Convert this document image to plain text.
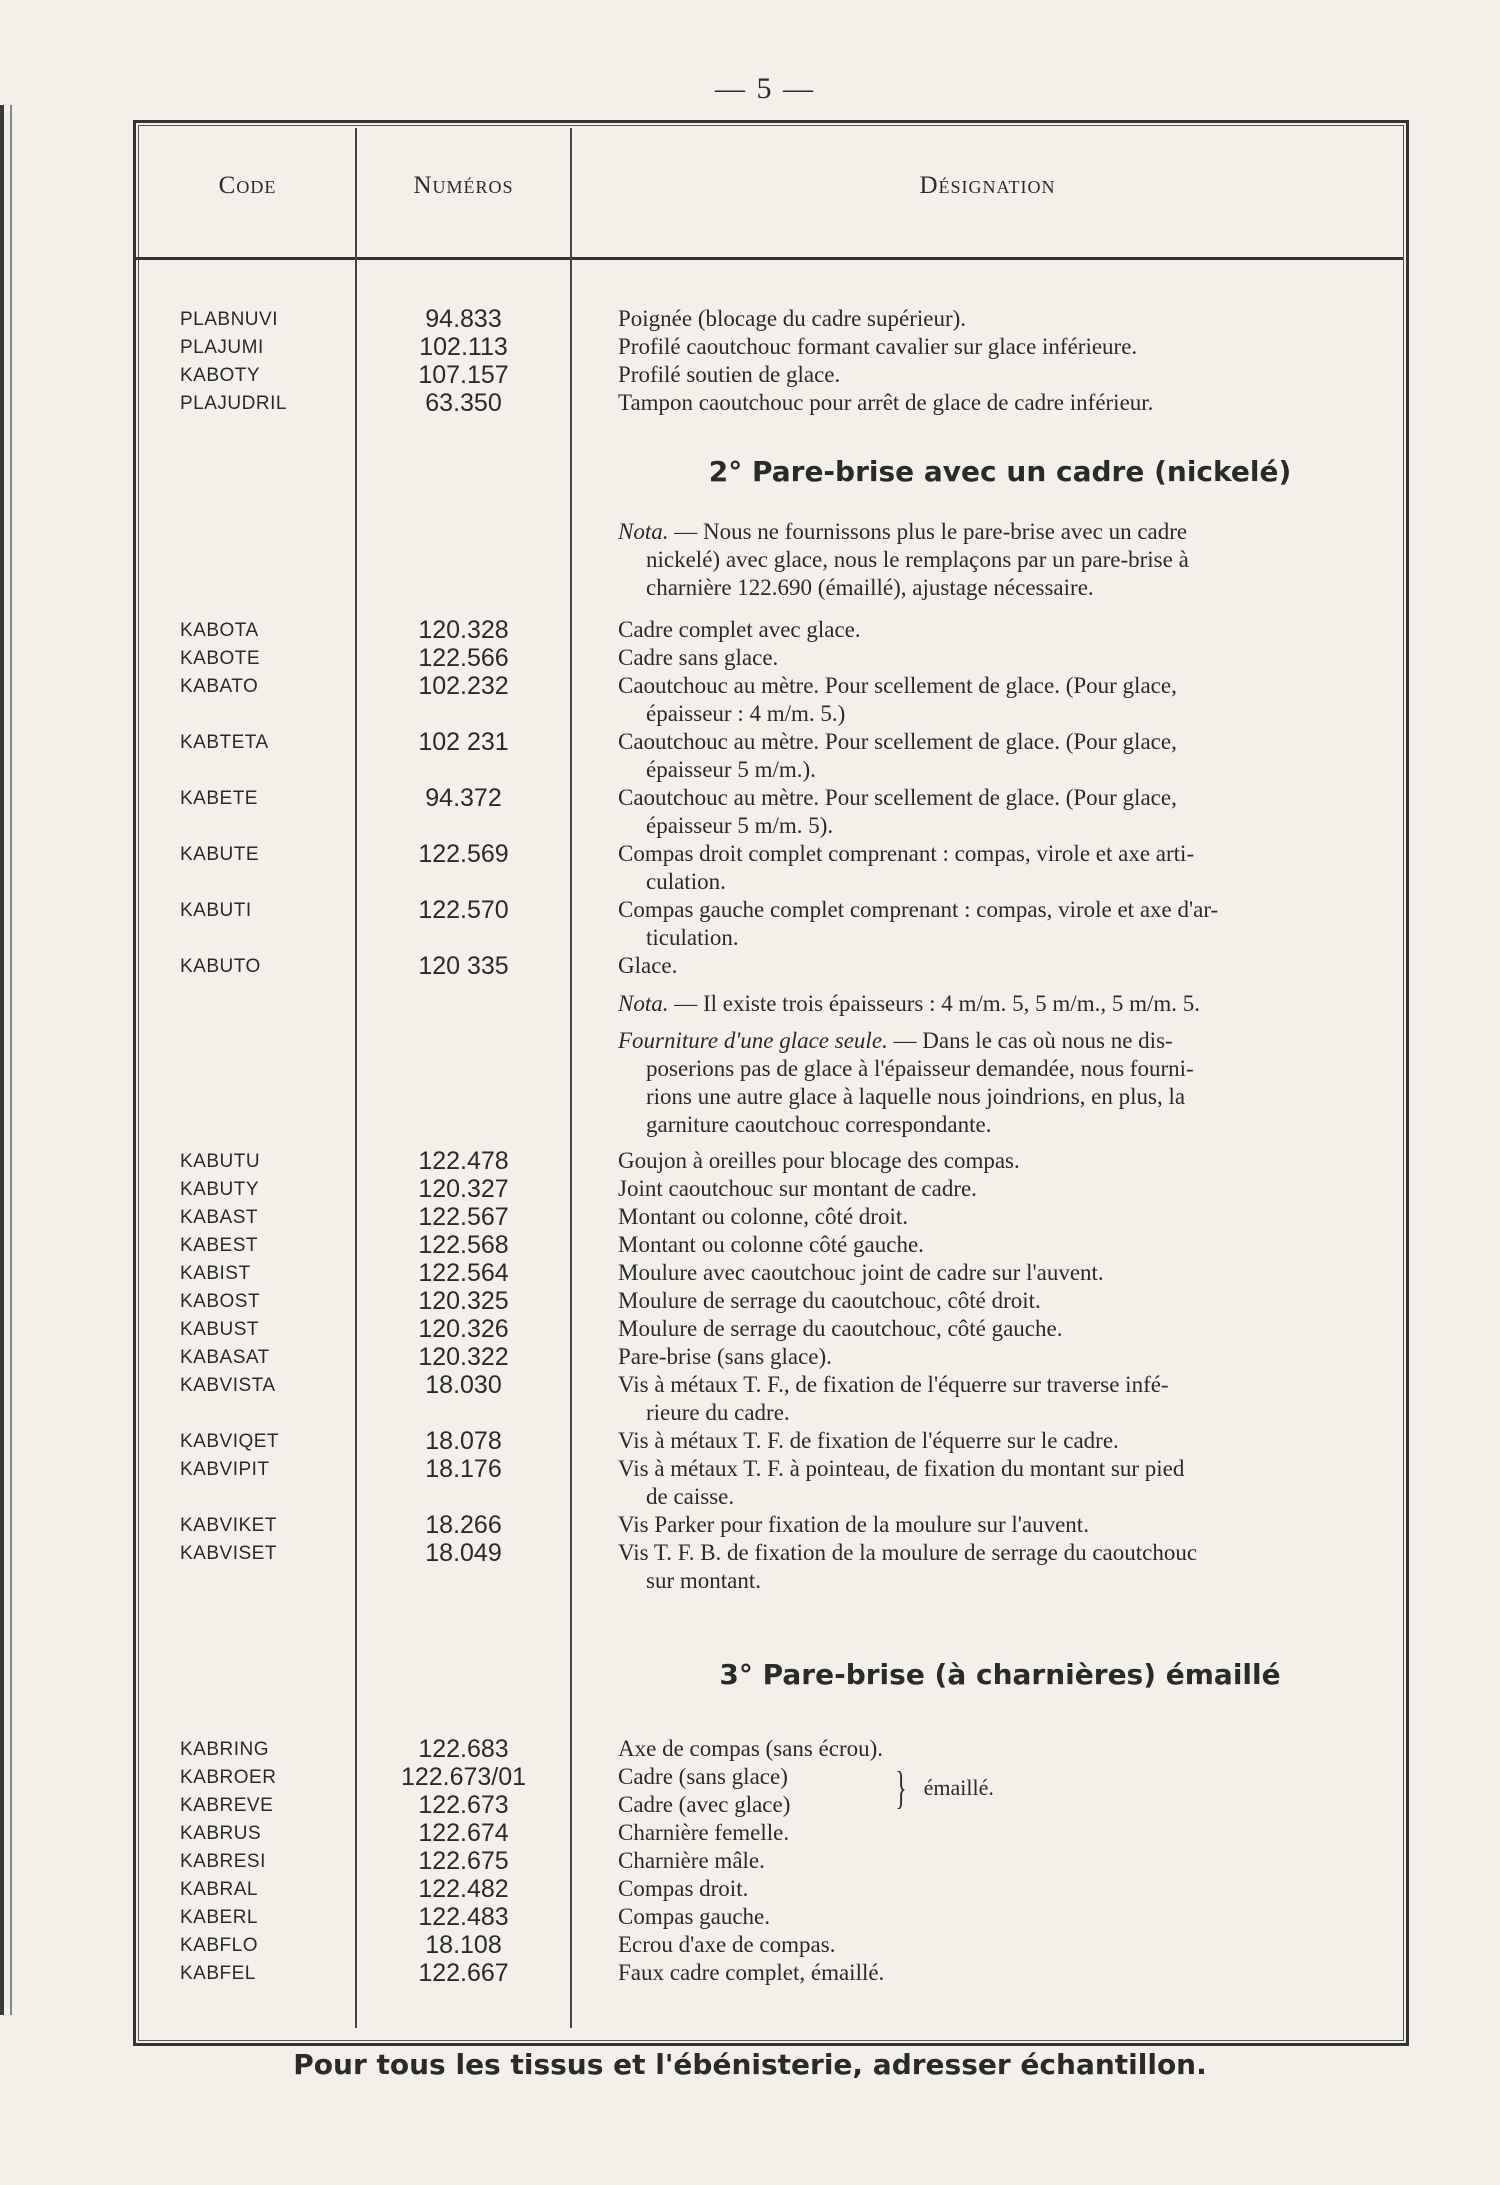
— 5 —
Code	Numéros	Désignation
PLABNUVI	94.833	Poignée (blocage du cadre supérieur).
PLAJUMI	102.113	Profilé caoutchouc formant cavalier sur glace inférieure.
KABOTY	107.157	Profilé soutien de glace.
PLAJUDRIL	63.350	Tampon caoutchouc pour arrêt de glace de cadre inférieur.
KABOTA	120.328	Cadre complet avec glace.
KABOTE	122.566	Cadre sans glace.
KABATO	102.232	Caoutchouc au mètre. Pour scellement de glace. (Pour glace,
épaisseur : 4 m/m. 5.)
KABTETA	102 231	Caoutchouc au mètre. Pour scellement de glace. (Pour glace,
épaisseur 5 m/m.).
KABETE	94.372	Caoutchouc au mètre. Pour scellement de glace. (Pour glace,
épaisseur 5 m/m. 5).
KABUTE	122.569	Compas droit complet comprenant : compas, virole et axe arti-
culation.
KABUTI	122.570	Compas gauche complet comprenant : compas, virole et axe d'ar-
ticulation.
KABUTO	120 335	Glace.
KABUTU	122.478	Goujon à oreilles pour blocage des compas.
KABUTY	120.327	Joint caoutchouc sur montant de cadre.
KABAST	122.567	Montant ou colonne, côté droit.
KABEST	122.568	Montant ou colonne côté gauche.
KABIST	122.564	Moulure avec caoutchouc joint de cadre sur l'auvent.
KABOST	120.325	Moulure de serrage du caoutchouc, côté droit.
KABUST	120.326	Moulure de serrage du caoutchouc, côté gauche.
KABASAT	120.322	Pare-brise (sans glace).
KABVISTA	18.030	Vis à métaux T. F., de fixation de l'équerre sur traverse infé-
rieure du cadre.
KABVIQET	18.078	Vis à métaux T. F. de fixation de l'équerre sur le cadre.
KABVIPIT	18.176	Vis à métaux T. F. à pointeau, de fixation du montant sur pied
de caisse.
KABVIKET	18.266	Vis Parker pour fixation de la moulure sur l'auvent.
KABVISET	18.049	Vis T. F. B. de fixation de la moulure de serrage du caoutchouc
sur montant.
KABRING	122.683	Axe de compas (sans écrou).
KABROER	122.673/01	Cadre (sans glace)
KABREVE	122.673	Cadre (avec glace)
KABRUS	122.674	Charnière femelle.
KABRESI	122.675	Charnière mâle.
KABRAL	122.482	Compas droit.
KABERL	122.483	Compas gauche.
KABFLO	18.108	Ecrou d'axe de compas.
KABFEL	122.667	Faux cadre complet, émaillé.
2° Pare-brise avec un cadre (nickelé)
Nota. — Nous ne fournissons plus le pare-brise avec un cadre
nickelé) avec glace, nous le remplaçons par un pare-brise à
charnière 122.690 (émaillé), ajustage nécessaire.
Nota. — Il existe trois épaisseurs : 4 m/m. 5, 5 m/m., 5 m/m. 5.
Fourniture d'une glace seule. — Dans le cas où nous ne dis-
poserions pas de glace à l'épaisseur demandée, nous fourni-
rions une autre glace à laquelle nous joindrions, en plus, la
garniture caoutchouc correspondante.
3° Pare-brise (à charnières) émaillé
} émaillé.
Pour tous les tissus et l'ébénisterie, adresser échantillon.
